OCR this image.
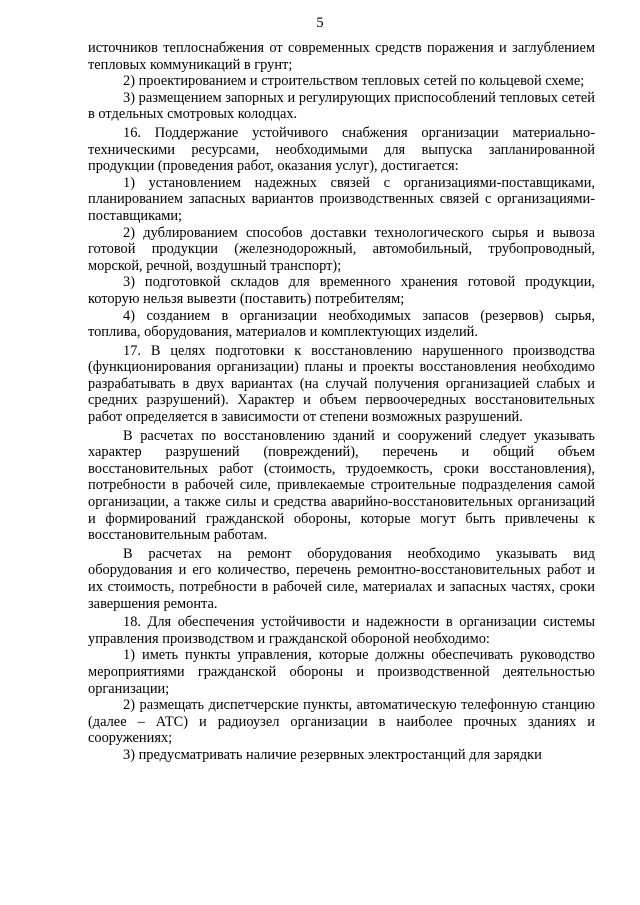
5

источников теплоснабжения от современных средств поражения и заглублением тепловых коммуникаций в грунт;

2) проектированием и строительством тепловых сетей по кольцевой схеме;

3) размещением запорных и регулирующих приспособлений тепловых сетей в отдельных смотровых колодцах.

16. Поддержание устойчивого снабжения организации материально-техническими ресурсами, необходимыми для выпуска запланированной продукции (проведения работ, оказания услуг), достигается:

1) установлением надежных связей с организациями-поставщиками, планированием запасных вариантов производственных связей с организациями-поставщиками;

2) дублированием способов доставки технологического сырья и вывоза готовой продукции (железнодорожный, автомобильный, трубопроводный, морской, речной, воздушный транспорт);

3) подготовкой складов для временного хранения готовой продукции, которую нельзя вывезти (поставить) потребителям;

4) созданием в организации необходимых запасов (резервов) сырья, топлива, оборудования, материалов и комплектующих изделий.

17. В целях подготовки к восстановлению нарушенного производства (функционирования организации) планы и проекты восстановления необходимо разрабатывать в двух вариантах (на случай получения организацией слабых и средних разрушений). Характер и объем первоочередных восстановительных работ определяется в зависимости от степени возможных разрушений.

В расчетах по восстановлению зданий и сооружений следует указывать характер разрушений (повреждений), перечень и общий объем восстановительных работ (стоимость, трудоемкость, сроки восстановления), потребности в рабочей силе, привлекаемые строительные подразделения самой организации, а также силы и средства аварийно-восстановительных организаций и формирований гражданской обороны, которые могут быть привлечены к восстановительным работам.

В расчетах на ремонт оборудования необходимо указывать вид оборудования и его количество, перечень ремонтно-восстановительных работ и их стоимость, потребности в рабочей силе, материалах и запасных частях, сроки завершения ремонта.

18. Для обеспечения устойчивости и надежности в организации системы управления производством и гражданской обороной необходимо:

1) иметь пункты управления, которые должны обеспечивать руководство мероприятиями гражданской обороны и производственной деятельностью организации;

2) размещать диспетчерские пункты, автоматическую телефонную станцию (далее – АТС) и радиоузел организации в наиболее прочных зданиях и сооружениях;

3) предусматривать наличие резервных электростанций для зарядки
